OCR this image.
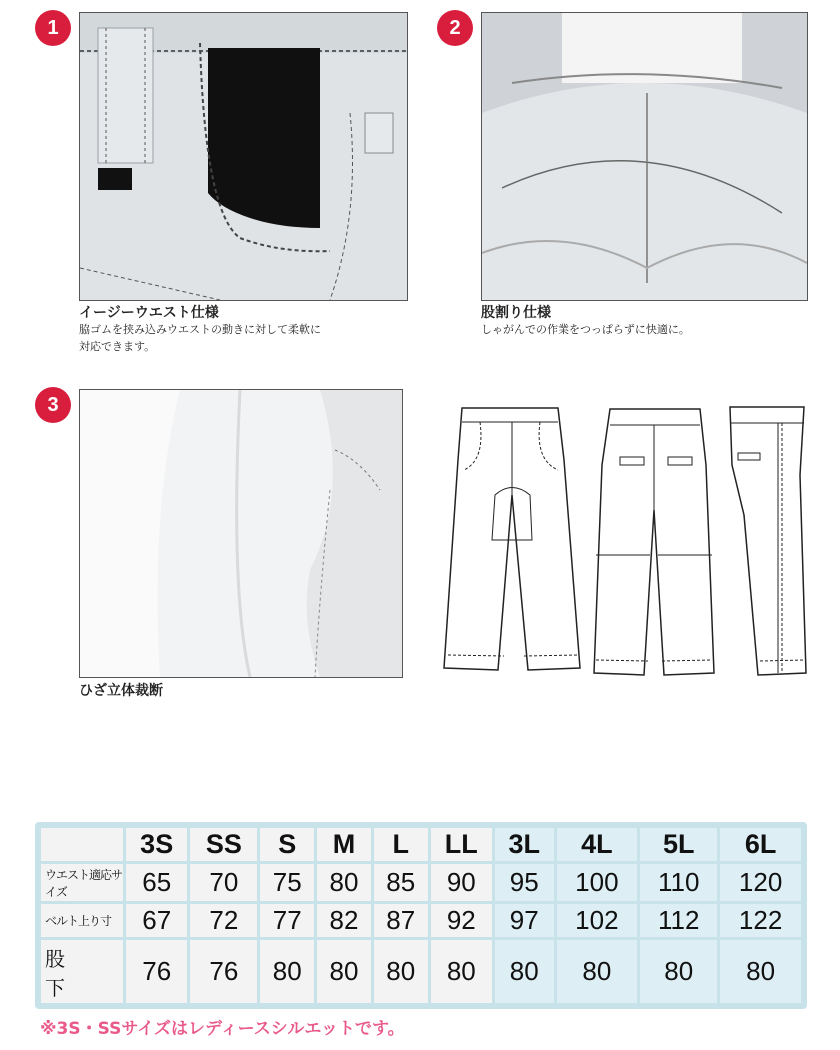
1
イージーウエスト仕様
脇ゴムを挟み込みウエストの動きに対して柔軟に
対応できます。
2
股割り仕様
しゃがんでの作業をつっぱらずに快適に。
3
ひざ立体裁断
	3S	SS	S	M	L	LL	3L	4L	5L	6L
ウエスト適応サイズ	65	70	75	80	85	90	95	100	110	120
ベルト上り寸	67	72	77	82	87	92	97	102	112	122
股 下	76	76	80	80	80	80	80	80	80	80
※3S・SSサイズはレディースシルエットです。
